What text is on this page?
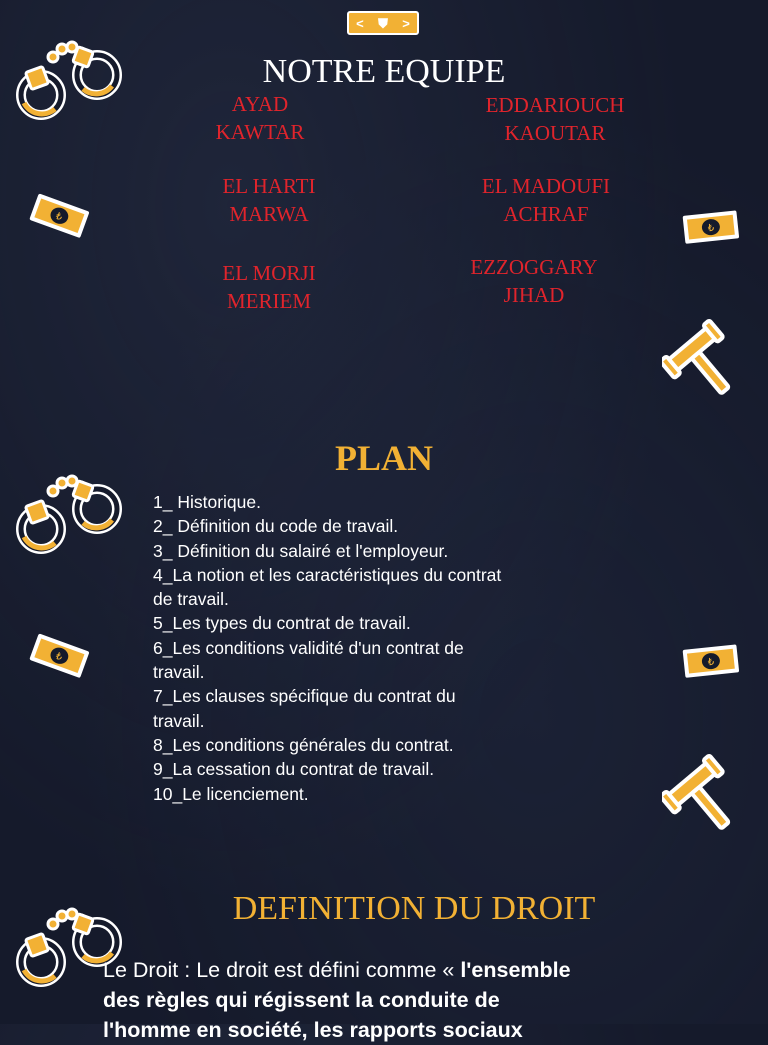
< ⛊ >
NOTRE EQUIPE
AYAD
KAWTAR
EDDARIOUCH
KAOUTAR
EL HARTI
MARWA
EL MADOUFI
ACHRAF
EL MORJI
MERIEM
EZZOGGARY
JIHAD
PLAN
1_ Historique.
2_ Définition du code de travail.
3_ Définition du salairé et l'employeur.
4_La notion et les caractéristiques du contrat
de travail.
5_Les types du contrat de travail.
6_Les conditions validité d'un contrat de
travail.
7_Les clauses spécifique du contrat du
travail.
8_Les conditions générales du contrat.
9_La cessation du contrat de travail.
10_Le licenciement.
DEFINITION DU DROIT
Le Droit : Le droit est défini comme « l'ensemble
des règles qui régissent la conduite de
l'homme en société, les rapports sociaux
